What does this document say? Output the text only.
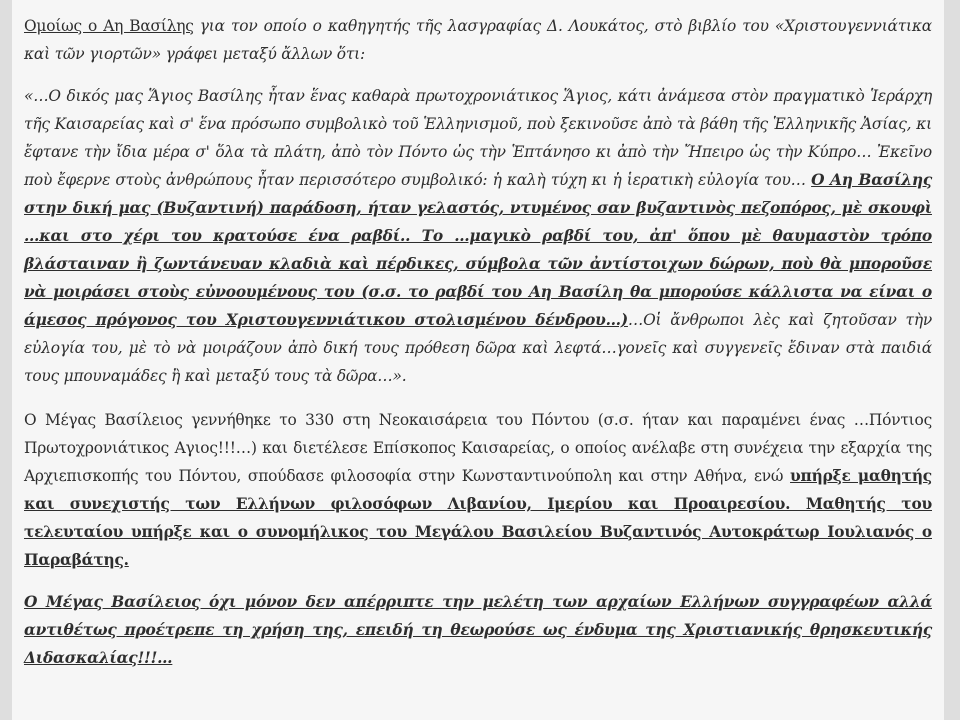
Ομοίως ο Αη Βασίλης για τον οποίο ο καθηγητής τῆς λασγραφίας Δ. Λουκάτος, στὸ βιβλίο του «Χριστουγεννιάτικα καὶ τῶν γιορτῶν» γράφει μεταξύ ἄλλων ὅτι:

«…Ο δικός μας Ἅγιος Βασίλης ἦταν ἕνας καθαρὰ πρωτοχρονιάτικος Ἅγιος, κάτι ἀνάμεσα στὸν πραγματικὸ Ἱεράρχη τῆς Καισαρείας καὶ σ' ἕνα πρόσωπο συμβολικὸ τοῦ Ἑλληνισμοῦ, ποὺ ξεκινοῦσε ἀπὸ τὰ βάθη τῆς Ἑλληνικῆς Ἀσίας, κι ἔφτανε τὴν ἴδια μέρα σ' ὅλα τὰ πλάτη, ἀπὸ τὸν Πόντο ὡς τὴν Ἑπτάνησο κι ἀπὸ τὴν Ἤπειρο ὡς τὴν Κύπρο… Ἐκεῖνο ποὺ ἔφερνε στοὺς ἀνθρώπους ἦταν περισσότερο συμβολικό: ἡ καλὴ τύχη κι ἡ ἱερατικὴ εὐλογία του… Ο Αη Βασίλης στην δική μας (Βυζαντινή) παράδοση, ήταν γελαστός, ντυμένος σαν βυζαντινὸς πεζοπόρος, μὲ σκουφὶ …και στο χέρι του κρατούσε ένα ραβδί.. Το …μαγικὸ ραβδί του, ἀπ' ὅπου μὲ θαυμαστὸν τρόπο βλάσταιναν ἢ ζωντάνευαν κλαδιὰ καὶ πέρδικες, σύμβολα τῶν ἀντίστοιχων δώρων, ποὺ θὰ μποροῦσε νὰ μοιράσει στοὺς εὐνοουμένους του (σ.σ. το ραβδί του Αη Βασίλη θα μπορούσε κάλλιστα να είναι ο άμεσος πρόγονος του Χριστουγεννιάτικου στολισμένου δένδρου…)…Οἱ ἄνθρωποι λὲς καὶ ζητοῦσαν τὴν εὐλογία του, μὲ τὸ νὰ μοιράζουν ἀπὸ δική τους πρόθεση δῶρα καὶ λεφτά…γονεῖς καὶ συγγενεῖς ἔδιναν στὰ παιδιά τους μπουναμάδες ἢ καὶ μεταξύ τους τὰ δῶρα…».

Ο Μέγας Βασίλειος γεννήθηκε το 330 στη Νεοκαισάρεια του Πόντου (σ.σ. ήταν και παραμένει ένας …Πόντιος Πρωτοχρονιάτικος Αγιος!!!…) και διετέλεσε Επίσκοπος Καισαρείας, ο οποίος ανέλαβε στη συνέχεια την εξαρχία της Αρχιεπισκοπής του Πόντου, σπούδασε φιλοσοφία στην Κωνσταντινούπολη και στην Αθήνα, ενώ υπήρξε μαθητής και συνεχιστής των Ελλήνων φιλοσόφων Λιβανίου, Ιμερίου και Προαιρεσίου. Μαθητής του τελευταίου υπήρξε και ο συνομήλικος του Μεγάλου Βασιλείου Βυζαντινός Αυτοκράτωρ Ιουλιανός ο Παραβάτης.

Ο Μέγας Βασίλειος όχι μόνον δεν απέρριπτε την μελέτη των αρχαίων Ελλήνων συγγραφέων αλλά αντιθέτως προέτρεπε τη χρήση της, επειδή τη θεωρούσε ως ένδυμα της Χριστιανικής θρησκευτικής Διδασκαλίας!!!…
